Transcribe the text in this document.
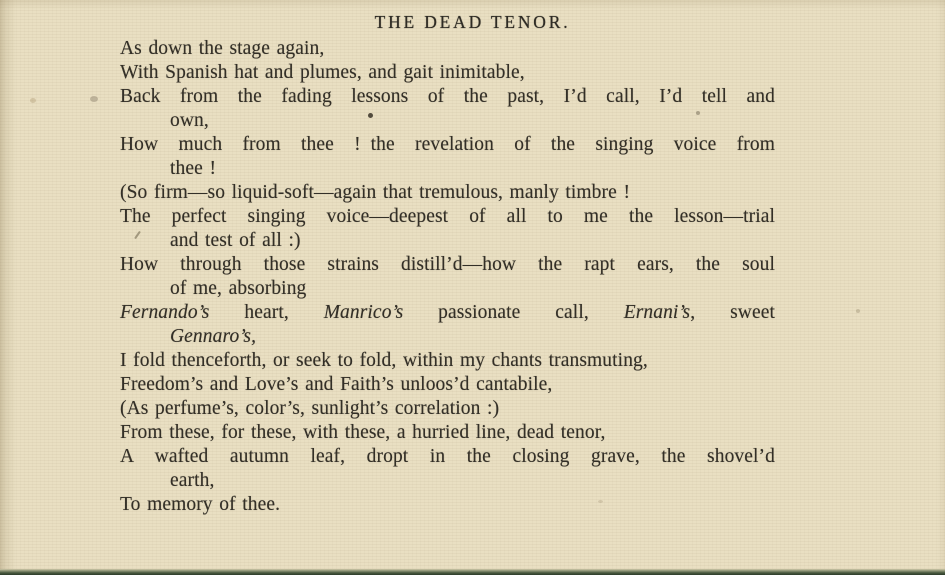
THE DEAD TENOR.
As down the stage again,
With Spanish hat and plumes, and gait inimitable,
Back from the fading lessons of the past, I’d call, I’d tell and
own,
How much from thee ! the revelation of the singing voice from
thee !
(So firm—so liquid-soft—again that tremulous, manly timbre !
The perfect singing voice—deepest of all to me the lesson—trial
and test of all :)
How through those strains distill’d—how the rapt ears, the soul
of me, absorbing
Fernando’s heart, Manrico’s passionate call, Ernani’s, sweet
Gennaro’s,
I fold thenceforth, or seek to fold, within my chants transmuting,
Freedom’s and Love’s and Faith’s unloos’d cantabile,
(As perfume’s, color’s, sunlight’s correlation :)
From these, for these, with these, a hurried line, dead tenor,
A wafted autumn leaf, dropt in the closing grave, the shovel’d
earth,
To memory of thee.
